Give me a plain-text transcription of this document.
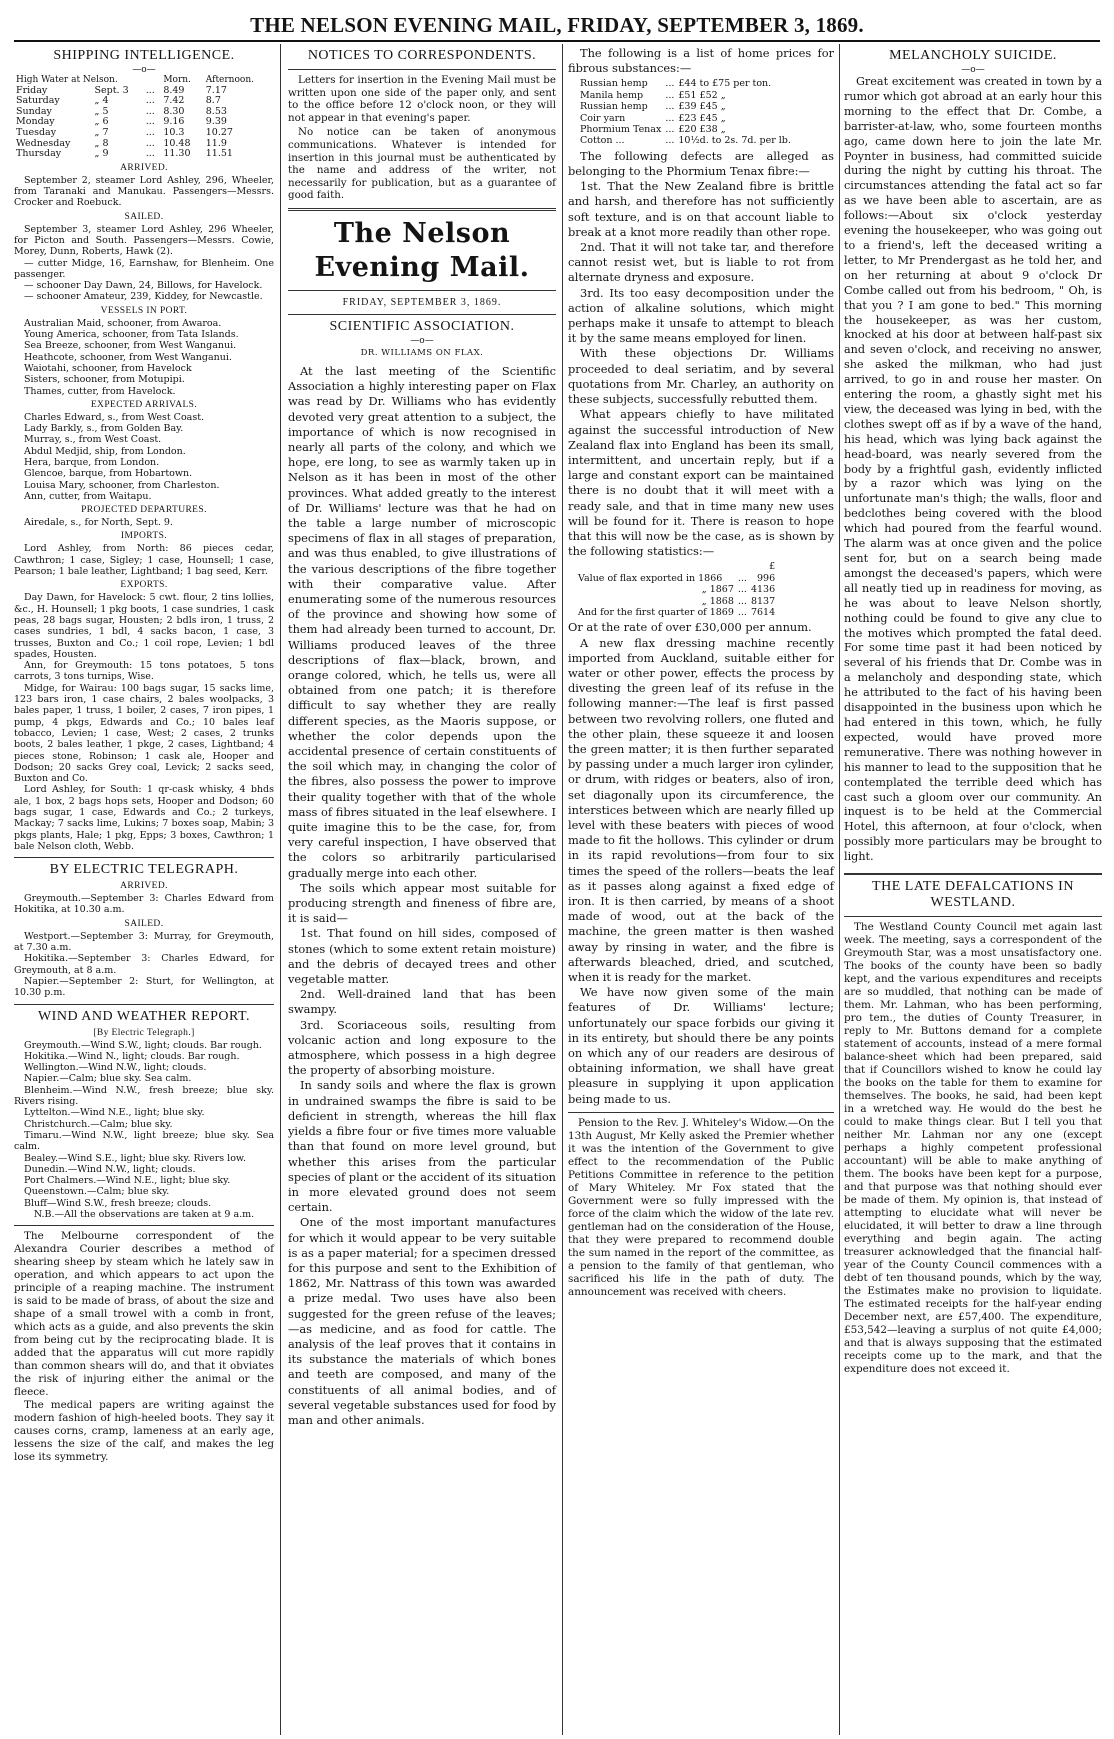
THE NELSON EVENING MAIL, FRIDAY, SEPTEMBER 3, 1869.
SHIPPING INTELLIGENCE.
—o—
High Water at Nelson.			Morn.	Afternoon.
Friday	Sept. 3	...	8.49	7.17
Saturday	„ 4	...	7.42	8.7
Sunday	„ 5	...	8.30	8.53
Monday	„ 6	...	9.16	9.39
Tuesday	„ 7	...	10.3	10.27
Wednesday	„ 8	...	10.48	11.9
Thursday	„ 9	...	11.30	11.51
ARRIVED.

September 2, steamer Lord Ashley, 296, Wheeler, from Taranaki and Manukau. Passengers—Messrs. Crocker and Roebuck.

SAILED.

September 3, steamer Lord Ashley, 296 Wheeler, for Picton and South. Passengers—Messrs. Cowie, Morey, Dunn, Roberts, Hawk (2).

— cutter Midge, 16, Earnshaw, for Blenheim. One passenger.

— schooner Day Dawn, 24, Billows, for Havelock.

— schooner Amateur, 239, Kiddey, for Newcastle.

VESSELS IN PORT.

Australian Maid, schooner, from Awaroa.

Young America, schooner, from Tata Islands.

Sea Breeze, schooner, from West Wanganui.

Heathcote, schooner, from West Wanganui.

Waiotahi, schooner, from Havelock

Sisters, schooner, from Motupipi.

Thames, cutter, from Havelock.

EXPECTED ARRIVALS.

Charles Edward, s., from West Coast.

Lady Barkly, s., from Golden Bay.

Murray, s., from West Coast.

Abdul Medjid, ship, from London.

Hera, barque, from London.

Glencoe, barque, from Hobartown.

Louisa Mary, schooner, from Charleston.

Ann, cutter, from Waitapu.

PROJECTED DEPARTURES.

Airedale, s., for North, Sept. 9.

IMPORTS.

Lord Ashley, from North: 86 pieces cedar, Cawthron; 1 case, Sigley; 1 case, Hounsell; 1 case, Pearson; 1 bale leather, Lightband; 1 bag seed, Kerr.

EXPORTS.

Day Dawn, for Havelock: 5 cwt. flour, 2 tins lollies, &c., H. Hounsell; 1 pkg boots, 1 case sundries, 1 cask peas, 28 bags sugar, Housten; 2 bdls iron, 1 truss, 2 cases sundries, 1 bdl, 4 sacks bacon, 1 case, 3 trusses, Buxton and Co.; 1 coil rope, Levien; 1 bdl spades, Housten.

Ann, for Greymouth: 15 tons potatoes, 5 tons carrots, 3 tons turnips, Wise.

Midge, for Wairau: 100 bags sugar, 15 sacks lime, 123 bars iron, 1 case chairs, 2 bales woolpacks, 3 bales paper, 1 truss, 1 boiler, 2 cases, 7 iron pipes, 1 pump, 4 pkgs, Edwards and Co.; 10 bales leaf tobacco, Levien; 1 case, West; 2 cases, 2 trunks boots, 2 bales leather, 1 pkge, 2 cases, Lightband; 4 pieces stone, Robinson; 1 cask ale, Hooper and Dodson; 20 sacks Grey coal, Levick; 2 sacks seed, Buxton and Co.

Lord Ashley, for South: 1 qr-cask whisky, 4 bhds ale, 1 box, 2 bags hops sets, Hooper and Dodson; 60 bags sugar, 1 case, Edwards and Co.; 2 turkeys, Mackay; 7 sacks lime, Lukins; 7 boxes soap, Mabin; 3 pkgs plants, Hale; 1 pkg, Epps; 3 boxes, Cawthron; 1 bale Nelson cloth, Webb.

BY ELECTRIC TELEGRAPH.
ARRIVED.

Greymouth.—September 3: Charles Edward from Hokitika, at 10.30 a.m.

SAILED.

Westport.—September 3: Murray, for Greymouth, at 7.30 a.m.

Hokitika.—September 3: Charles Edward, for Greymouth, at 8 a.m.

Napier.—September 2: Sturt, for Wellington, at 10.30 p.m.

WIND AND WEATHER REPORT.
[By Electric Telegraph.]

Greymouth.—Wind S.W., light; clouds. Bar rough.

Hokitika.—Wind N., light; clouds. Bar rough.

Wellington.—Wind N.W., light; clouds.

Napier.—Calm; blue sky. Sea calm.

Blenheim.—Wind N.W., fresh breeze; blue sky. Rivers rising.

Lyttelton.—Wind N.E., light; blue sky.

Christchurch.—Calm; blue sky.

Timaru.—Wind N.W., light breeze; blue sky. Sea calm.

Bealey.—Wind S.E., light; blue sky. Rivers low.

Dunedin.—Wind N.W., light; clouds.

Port Chalmers.—Wind N.E., light; blue sky.

Queenstown.—Calm; blue sky.

Bluff—Wind S.W., fresh breeze; clouds.

N.B.—All the observations are taken at 9 a.m.

The Melbourne correspondent of the Alexandra Courier describes a method of shearing sheep by steam which he lately saw in operation, and which appears to act upon the principle of a reaping machine. The instrument is said to be made of brass, of about the size and shape of a small trowel with a comb in front, which acts as a guide, and also prevents the skin from being cut by the reciprocating blade. It is added that the apparatus will cut more rapidly than common shears will do, and that it obviates the risk of injuring either the animal or the fleece.

The medical papers are writing against the modern fashion of high-heeled boots. They say it causes corns, cramp, lameness at an early age, lessens the size of the calf, and makes the leg lose its symmetry.

NOTICES TO CORRESPONDENTS.

Letters for insertion in the Evening Mail must be written upon one side of the paper only, and sent to the office before 12 o'clock noon, or they will not appear in that evening's paper.

No notice can be taken of anonymous communications. Whatever is intended for insertion in this journal must be authenticated by the name and address of the writer, not necessarily for publication, but as a guarantee of good faith.

The Nelson Evening Mail.
FRIDAY, SEPTEMBER 3, 1869.
SCIENTIFIC ASSOCIATION.
—o—
DR. WILLIAMS ON FLAX.

At the last meeting of the Scientific Association a highly interesting paper on Flax was read by Dr. Williams who has evidently devoted very great attention to a subject, the importance of which is now recognised in nearly all parts of the colony, and which we hope, ere long, to see as warmly taken up in Nelson as it has been in most of the other provinces. What added greatly to the interest of Dr. Williams' lecture was that he had on the table a large number of microscopic specimens of flax in all stages of preparation, and was thus enabled, to give illustrations of the various descriptions of the fibre together with their comparative value. After enumerating some of the numerous resources of the province and showing how some of them had already been turned to account, Dr. Williams produced leaves of the three descriptions of flax—black, brown, and orange colored, which, he tells us, were all obtained from one patch; it is therefore difficult to say whether they are really different species, as the Maoris suppose, or whether the color depends upon the accidental presence of certain constituents of the soil which may, in changing the color of the fibres, also possess the power to improve their quality together with that of the whole mass of fibres situated in the leaf elsewhere. I quite imagine this to be the case, for, from very careful inspection, I have observed that the colors so arbitrarily particularised gradually merge into each other.

The soils which appear most suitable for producing strength and fineness of fibre are, it is said—

1st. That found on hill sides, composed of stones (which to some extent retain moisture) and the debris of decayed trees and other vegetable matter.

2nd. Well-drained land that has been swampy.

3rd. Scoriaceous soils, resulting from volcanic action and long exposure to the atmosphere, which possess in a high degree the property of absorbing moisture.

In sandy soils and where the flax is grown in undrained swamps the fibre is said to be deficient in strength, whereas the hill flax yields a fibre four or five times more valuable than that found on more level ground, but whether this arises from the particular species of plant or the accident of its situation in more elevated ground does not seem certain.

One of the most important manufactures for which it would appear to be very suitable is as a paper material; for a specimen dressed for this purpose and sent to the Exhibition of 1862, Mr. Nattrass of this town was awarded a prize medal. Two uses have also been suggested for the green refuse of the leaves;—as medicine, and as food for cattle. The analysis of the leaf proves that it contains in its substance the materials of which bones and teeth are composed, and many of the constituents of all animal bodies, and of several vegetable substances used for food by man and other animals.

The following is a list of home prices for fibrous substances:—

Russian hemp	...	£44 to £75 per ton.
Manila hemp	...	£51 £52 „
Russian hemp	...	£39 £45 „
Coir yarn	...	£23 £45 „
Phormium Tenax	...	£20 £38 „
Cotton ...	...	10½d. to 2s. 7d. per lb.

The following defects are alleged as belonging to the Phormium Tenax fibre:—

1st. That the New Zealand fibre is brittle and harsh, and therefore has not sufficiently soft texture, and is on that account liable to break at a knot more readily than other rope.

2nd. That it will not take tar, and therefore cannot resist wet, but is liable to rot from alternate dryness and exposure.

3rd. Its too easy decomposition under the action of alkaline solutions, which might perhaps make it unsafe to attempt to bleach it by the same means employed for linen.

With these objections Dr. Williams proceeded to deal seriatim, and by several quotations from Mr. Charley, an authority on these subjects, successfully rebutted them.

What appears chiefly to have militated against the successful introduction of New Zealand flax into England has been its small, intermittent, and uncertain reply, but if a large and constant export can be maintained there is no doubt that it will meet with a ready sale, and that in time many new uses will be found for it. There is reason to hope that this will now be the case, as is shown by the following statistics:—

		£
Value of flax exported in 1866	...	996
„ 1867	...	4136
„ 1868	...	8137
And for the first quarter of 1869	...	7614

Or at the rate of over £30,000 per annum.

A new flax dressing machine recently imported from Auckland, suitable either for water or other power, effects the process by divesting the green leaf of its refuse in the following manner:—The leaf is first passed between two revolving rollers, one fluted and the other plain, these squeeze it and loosen the green matter; it is then further separated by passing under a much larger iron cylinder, or drum, with ridges or beaters, also of iron, set diagonally upon its circumference, the interstices between which are nearly filled up level with these beaters with pieces of wood made to fit the hollows. This cylinder or drum in its rapid revolutions—from four to six times the speed of the rollers—beats the leaf as it passes along against a fixed edge of iron. It is then carried, by means of a shoot made of wood, out at the back of the machine, the green matter is then washed away by rinsing in water, and the fibre is afterwards bleached, dried, and scutched, when it is ready for the market.

We have now given some of the main features of Dr. Williams' lecture; unfortunately our space forbids our giving it in its entirety, but should there be any points on which any of our readers are desirous of obtaining information, we shall have great pleasure in supplying it upon application being made to us.

Pension to the Rev. J. Whiteley's Widow.—On the 13th August, Mr Kelly asked the Premier whether it was the intention of the Government to give effect to the recommendation of the Public Petitions Committee in reference to the petition of Mary Whiteley. Mr Fox stated that the Government were so fully impressed with the force of the claim which the widow of the late rev. gentleman had on the consideration of the House, that they were prepared to recommend double the sum named in the report of the committee, as a pension to the family of that gentleman, who sacrificed his life in the path of duty. The announcement was received with cheers.

MELANCHOLY SUICIDE.
—o—

Great excitement was created in town by a rumor which got abroad at an early hour this morning to the effect that Dr. Combe, a barrister-at-law, who, some fourteen months ago, came down here to join the late Mr. Poynter in business, had committed suicide during the night by cutting his throat. The circumstances attending the fatal act so far as we have been able to ascertain, are as follows:—About six o'clock yesterday evening the housekeeper, who was going out to a friend's, left the deceased writing a letter, to Mr Prendergast as he told her, and on her returning at about 9 o'clock Dr Combe called out from his bedroom, " Oh, is that you ? I am gone to bed." This morning the housekeeper, as was her custom, knocked at his door at between half-past six and seven o'clock, and receiving no answer, she asked the milkman, who had just arrived, to go in and rouse her master. On entering the room, a ghastly sight met his view, the deceased was lying in bed, with the clothes swept off as if by a wave of the hand, his head, which was lying back against the head-board, was nearly severed from the body by a frightful gash, evidently inflicted by a razor which was lying on the unfortunate man's thigh; the walls, floor and bedclothes being covered with the blood which had poured from the fearful wound. The alarm was at once given and the police sent for, but on a search being made amongst the deceased's papers, which were all neatly tied up in readiness for moving, as he was about to leave Nelson shortly, nothing could be found to give any clue to the motives which prompted the fatal deed. For some time past it had been noticed by several of his friends that Dr. Combe was in a melancholy and desponding state, which he attributed to the fact of his having been disappointed in the business upon which he had entered in this town, which, he fully expected, would have proved more remunerative. There was nothing however in his manner to lead to the supposition that he contemplated the terrible deed which has cast such a gloom over our community. An inquest is to be held at the Commercial Hotel, this afternoon, at four o'clock, when possibly more particulars may be brought to light.

THE LATE DEFALCATIONS IN WESTLAND.

The Westland County Council met again last week. The meeting, says a correspondent of the Greymouth Star, was a most unsatisfactory one. The books of the county have been so badly kept, and the various expenditures and receipts are so muddled, that nothing can be made of them. Mr. Lahman, who has been performing, pro tem., the duties of County Treasurer, in reply to Mr. Buttons demand for a complete statement of accounts, instead of a mere formal balance-sheet which had been prepared, said that if Councillors wished to know he could lay the books on the table for them to examine for themselves. The books, he said, had been kept in a wretched way. He would do the best he could to make things clear. But I tell you that neither Mr. Lahman nor any one (except perhaps a highly competent professional accountant) will be able to make anything of them. The books have been kept for a purpose, and that purpose was that nothing should ever be made of them. My opinion is, that instead of attempting to elucidate what will never be elucidated, it will better to draw a line through everything and begin again. The acting treasurer acknowledged that the financial half-year of the County Council commences with a debt of ten thousand pounds, which by the way, the Estimates make no provision to liquidate. The estimated receipts for the half-year ending December next, are £57,400. The expenditure, £53,542—leaving a surplus of not quite £4,000; and that is always supposing that the estimated receipts come up to the mark, and that the expenditure does not exceed it.
